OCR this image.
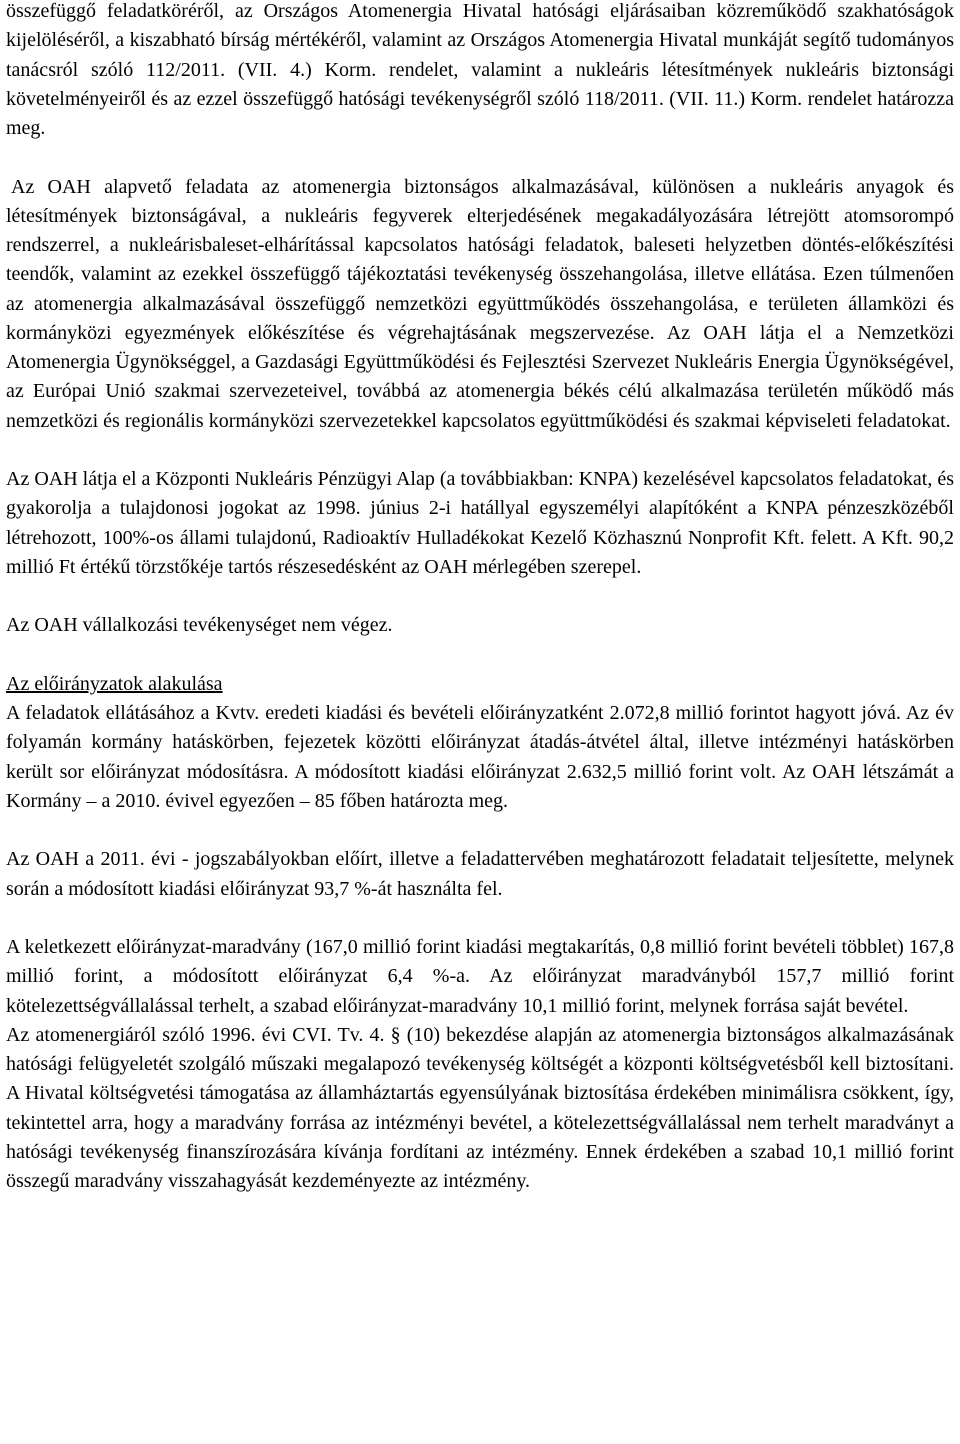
összefüggő feladatköréről, az Országos Atomenergia Hivatal hatósági eljárásaiban közreműködő szakhatóságok kijelöléséről, a kiszabható bírság mértékéről, valamint az Országos Atomenergia Hivatal munkáját segítő tudományos tanácsról szóló 112/2011. (VII. 4.) Korm. rendelet, valamint a nukleáris létesítmények nukleáris biztonsági követelményeiről és az ezzel összefüggő hatósági tevékenységről szóló 118/2011. (VII. 11.) Korm. rendelet határozza meg.

Az OAH alapvető feladata az atomenergia biztonságos alkalmazásával, különösen a nukleáris anyagok és létesítmények biztonságával, a nukleáris fegyverek elterjedésének megakadályozására létrejött atomsorompó rendszerrel, a nukleárisbaleset-elhárítással kapcsolatos hatósági feladatok, baleseti helyzetben döntés-előkészítési teendők, valamint az ezekkel összefüggő tájékoztatási tevékenység összehangolása, illetve ellátása. Ezen túlmenően az atomenergia alkalmazásával összefüggő nemzetközi együttműködés összehangolása, e területen államközi és kormányközi egyezmények előkészítése és végrehajtásának megszervezése. Az OAH látja el a Nemzetközi Atomenergia Ügynökséggel, a Gazdasági Együttműködési és Fejlesztési Szervezet Nukleáris Energia Ügynökségével, az Európai Unió szakmai szervezeteivel, továbbá az atomenergia békés célú alkalmazása területén működő más nemzetközi és regionális kormányközi szervezetekkel kapcsolatos együttműködési és szakmai képviseleti feladatokat.

Az OAH látja el a Központi Nukleáris Pénzügyi Alap (a továbbiakban: KNPA) kezelésével kapcsolatos feladatokat, és gyakorolja a tulajdonosi jogokat az 1998. június 2-i hatállyal egyszemélyi alapítóként a KNPA pénzeszközéből létrehozott, 100%-os állami tulajdonú, Radioaktív Hulladékokat Kezelő Közhasznú Nonprofit Kft. felett. A Kft. 90,2 millió Ft értékű törzstőkéje tartós részesedésként az OAH mérlegében szerepel.

Az OAH vállalkozási tevékenységet nem végez.

Az előirányzatok alakulása

A feladatok ellátásához a Kvtv. eredeti kiadási és bevételi előirányzatként 2.072,8 millió forintot hagyott jóvá. Az év folyamán kormány hatáskörben, fejezetek közötti előirányzat átadás-átvétel által, illetve intézményi hatáskörben került sor előirányzat módosításra. A módosított kiadási előirányzat 2.632,5 millió forint volt. Az OAH létszámát a Kormány – a 2010. évivel egyezően – 85 főben határozta meg.

Az OAH a 2011. évi - jogszabályokban előírt, illetve a feladattervében meghatározott feladatait teljesítette, melynek során a módosított kiadási előirányzat 93,7 %-át használta fel.

A keletkezett előirányzat-maradvány (167,0 millió forint kiadási megtakarítás, 0,8 millió forint bevételi többlet) 167,8 millió forint, a módosított előirányzat 6,4 %-a. Az előirányzat maradványból 157,7 millió forint kötelezettségvállalással terhelt, a szabad előirányzat-maradvány 10,1 millió forint, melynek forrása saját bevétel.

Az atomenergiáról szóló 1996. évi CVI. Tv. 4. § (10) bekezdése alapján az atomenergia biztonságos alkalmazásának hatósági felügyeletét szolgáló műszaki megalapozó tevékenység költségét a központi költségvetésből kell biztosítani. A Hivatal költségvetési támogatása az államháztartás egyensúlyának biztosítása érdekében minimálisra csökkent, így, tekintettel arra, hogy a maradvány forrása az intézményi bevétel, a kötelezettségvállalással nem terhelt maradványt a hatósági tevékenység finanszírozására kívánja fordítani az intézmény. Ennek érdekében a szabad 10,1 millió forint összegű maradvány visszahagyását kezdeményezte az intézmény.
